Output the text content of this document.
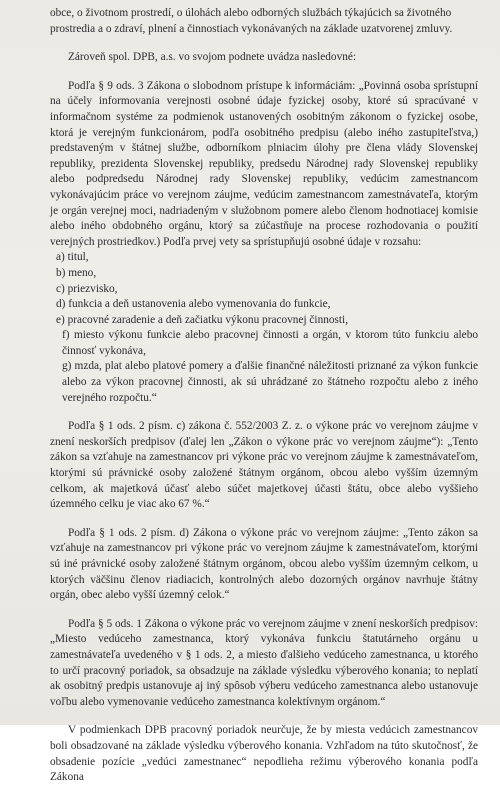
obce, o životnom prostredí, o úlohách alebo odborných službách týkajúcich sa životného

prostredia a o zdraví, plnení a činnostiach vykonávaných na základe uzatvorenej zmluvy.

Zároveň spol. DPB, a.s. vo svojom podnete uvádza nasledovné:

Podľa § 9 ods. 3 Zákona o slobodnom prístupe k informáciám: „Povinná osoba sprístupní na účely informovania verejnosti osobné údaje fyzickej osoby, ktoré sú spracúvané v informačnom systéme za podmienok ustanovených osobitným zákonom o fyzickej osobe, ktorá je verejným funkcionárom, podľa osobitného predpisu (alebo iného zastupiteľstva,) predstaveným v štátnej službe, odborníkom plniacim úlohy pre člena vlády Slovenskej republiky, prezidenta Slovenskej republiky, predsedu Národnej rady Slovenskej republiky alebo podpredsedu Národnej rady Slovenskej republiky, vedúcim zamestnancom vykonávajúcim práce vo verejnom záujme, vedúcim zamestnancom zamestnávateľa, ktorým je orgán verejnej moci, nadriadeným v služobnom pomere alebo členom hodnotiacej komisie alebo iného obdobného orgánu, ktorý sa zúčastňuje na procese rozhodovania o použití verejných prostriedkov.) Podľa prvej vety sa sprístupňujú osobné údaje v rozsahu:

a) titul,
b) meno,
c) priezvisko,
d) funkcia a deň ustanovenia alebo vymenovania do funkcie,
e) pracovné zaradenie a deň začiatku výkonu pracovnej činnosti,
f) miesto výkonu funkcie alebo pracovnej činnosti a orgán, v ktorom túto funkciu alebo činnosť vykonáva,
g) mzda, plat alebo platové pomery a ďalšie finančné náležitosti priznané za výkon funkcie alebo za výkon pracovnej činnosti, ak sú uhrádzané zo štátneho rozpočtu alebo z iného verejného rozpočtu.“

Podľa § 1 ods. 2 písm. c) zákona č. 552/2003 Z. z. o výkone prác vo verejnom záujme v znení neskorších predpisov (ďalej len „Zákon o výkone prác vo verejnom záujme“): „Tento zákon sa vzťahuje na zamestnancov pri výkone prác vo verejnom záujme k zamestnávateľom, ktorými sú právnické osoby založené štátnym orgánom, obcou alebo vyšším územným celkom, ak majetková účasť alebo súčet majetkovej účasti štátu, obce alebo vyššieho územného celku je viac ako 67 %.“

Podľa § 1 ods. 2 písm. d) Zákona o výkone prác vo verejnom záujme: „Tento zákon sa vzťahuje na zamestnancov pri výkone prác vo verejnom záujme k zamestnávateľom, ktorými sú iné právnické osoby založené štátnym orgánom, obcou alebo vyšším územným celkom, u ktorých väčšinu členov riadiacich, kontrolných alebo dozorných orgánov navrhuje štátny orgán, obec alebo vyšší územný celok.“

Podľa § 5 ods. 1 Zákona o výkone prác vo verejnom záujme v znení neskorších predpisov: „Miesto vedúceho zamestnanca, ktorý vykonáva funkciu štatutárneho orgánu u zamestnávateľa uvedeného v § 1 ods. 2, a miesto ďalšieho vedúceho zamestnanca, u ktorého to určí pracovný poriadok, sa obsadzuje na základe výsledku výberového konania; to neplatí ak osobitný predpis ustanovuje aj iný spôsob výberu vedúceho zamestnanca alebo ustanovuje voľbu alebo vymenovanie vedúceho zamestnanca kolektívnym orgánom.“

V podmienkach DPB pracovný poriadok neurčuje, že by miesta vedúcich zamestnancov boli obsadzované na základe výsledku výberového konania. Vzhľadom na túto skutočnosť, že obsadenie pozície „vedúci zamestnanec“ nepodlieha režimu výberového konania podľa Zákona
